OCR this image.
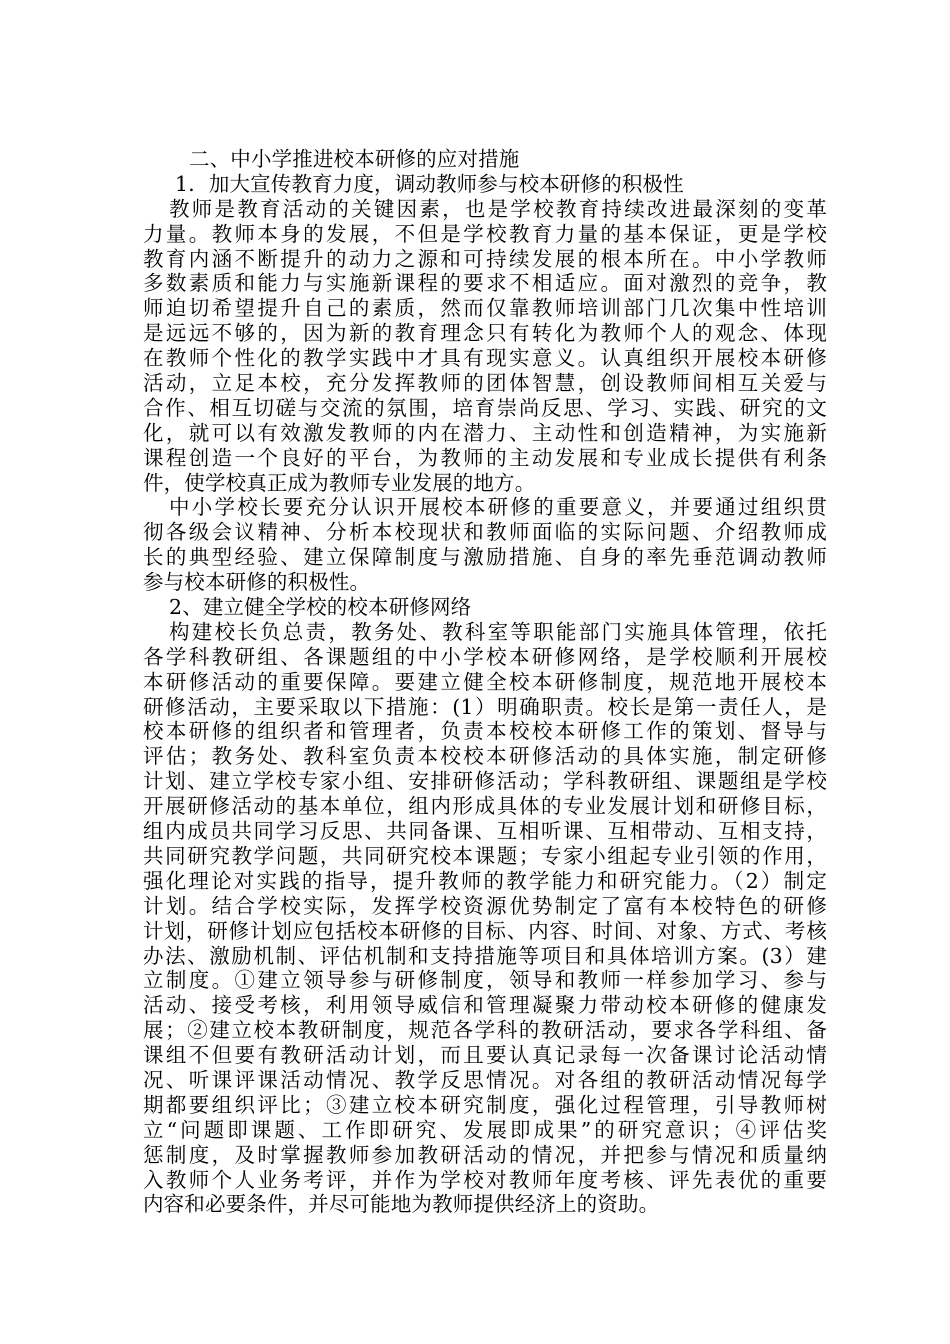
二、中小学推进校本研修的应对措施
1．加大宣传教育力度，调动教师参与校本研修的积极性
教师是教育活动的关键因素，也是学校教育持续改进最深刻的变革
力量。教师本身的发展，不但是学校教育力量的基本保证，更是学校
教育内涵不断提升的动力之源和可持续发展的根本所在。中小学教师
多数素质和能力与实施新课程的要求不相适应。面对激烈的竞争，教
师迫切希望提升自己的素质，然而仅靠教师培训部门几次集中性培训
是远远不够的，因为新的教育理念只有转化为教师个人的观念、体现
在教师个性化的教学实践中才具有现实意义。认真组织开展校本研修
活动，立足本校，充分发挥教师的团体智慧，创设教师间相互关爱与
合作、相互切磋与交流的氛围，培育崇尚反思、学习、实践、研究的文
化，就可以有效激发教师的内在潜力、主动性和创造精神，为实施新
课程创造一个良好的平台，为教师的主动发展和专业成长提供有利条
件，使学校真正成为教师专业发展的地方。
中小学校长要充分认识开展校本研修的重要意义，并要通过组织贯
彻各级会议精神、分析本校现状和教师面临的实际问题、介绍教师成
长的典型经验、建立保障制度与激励措施、自身的率先垂范调动教师
参与校本研修的积极性。
2、建立健全学校的校本研修网络
构建校长负总责，教务处、教科室等职能部门实施具体管理，依托
各学科教研组、各课题组的中小学校本研修网络，是学校顺利开展校
本研修活动的重要保障。要建立健全校本研修制度，规范地开展校本
研修活动，主要采取以下措施：(1）明确职责。校长是第一责任人，是
校本研修的组织者和管理者，负责本校校本研修工作的策划、督导与
评估；教务处、教科室负责本校校本研修活动的具体实施，制定研修
计划、建立学校专家小组、安排研修活动；学科教研组、课题组是学校
开展研修活动的基本单位，组内形成具体的专业发展计划和研修目标，
组内成员共同学习反思、共同备课、互相听课、互相带动、互相支持，
共同研究教学问题，共同研究校本课题；专家小组起专业引领的作用，
强化理论对实践的指导，提升教师的教学能力和研究能力。（2）制定
计划。结合学校实际，发挥学校资源优势制定了富有本校特色的研修
计划，研修计划应包括校本研修的目标、内容、时间、对象、方式、考核
办法、激励机制、评估机制和支持措施等项目和具体培训方案。(3）建
立制度。①建立领导参与研修制度，领导和教师一样参加学习、参与
活动、接受考核，利用领导威信和管理凝聚力带动校本研修的健康发
展；②建立校本教研制度，规范各学科的教研活动，要求各学科组、备
课组不但要有教研活动计划，而且要认真记录每一次备课讨论活动情
况、听课评课活动情况、教学反思情况。对各组的教研活动情况每学
期都要组织评比；③建立校本研究制度，强化过程管理，引导教师树
立“问题即课题、工作即研究、发展即成果”的研究意识；④评估奖
惩制度，及时掌握教师参加教研活动的情况，并把参与情况和质量纳
入教师个人业务考评，并作为学校对教师年度考核、评先表优的重要
内容和必要条件，并尽可能地为教师提供经济上的资助。
